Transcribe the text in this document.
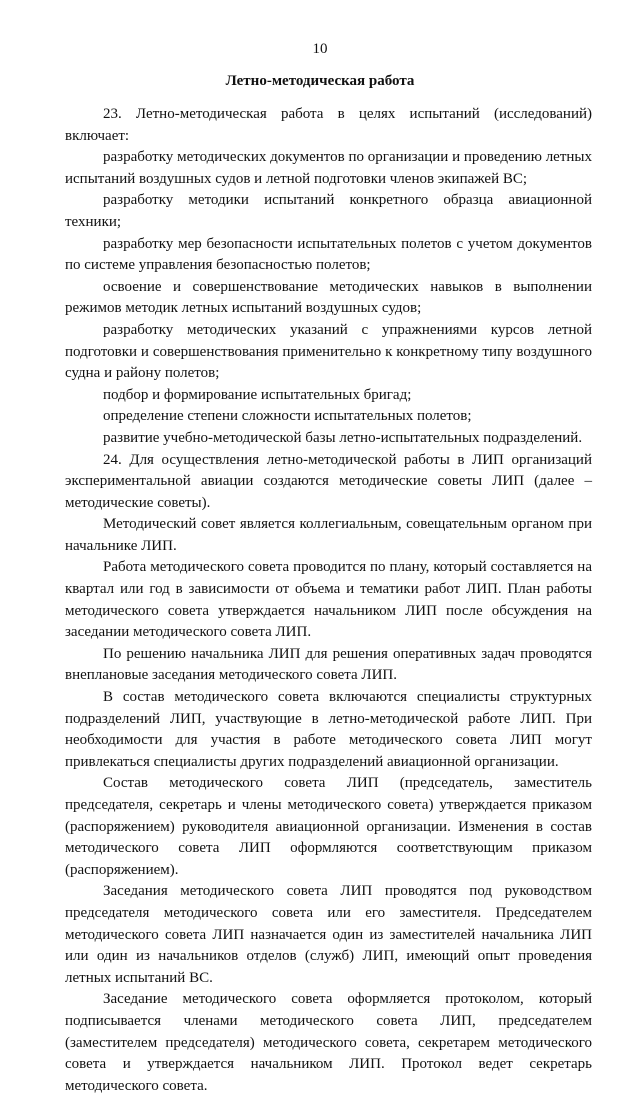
10
Летно-методическая работа

23. Летно-методическая работа в целях испытаний (исследований) включает:

разработку методических документов по организации и проведению летных испытаний воздушных судов и летной подготовки членов экипажей ВС;

разработку методики испытаний конкретного образца авиационной техники;

разработку мер безопасности испытательных полетов с учетом документов по системе управления безопасностью полетов;

освоение и совершенствование методических навыков в выполнении режимов методик летных испытаний воздушных судов;

разработку методических указаний с упражнениями курсов летной подготовки и совершенствования применительно к конкретному типу воздушного судна и району полетов;

подбор и формирование испытательных бригад;

определение степени сложности испытательных полетов;

развитие учебно-методической базы летно-испытательных подразделений.

24. Для осуществления летно-методической работы в ЛИП организаций экспериментальной авиации создаются методические советы ЛИП (далее – методические советы).

Методический совет является коллегиальным, совещательным органом при начальнике ЛИП.

Работа методического совета проводится по плану, который составляется на квартал или год в зависимости от объема и тематики работ ЛИП. План работы методического совета утверждается начальником ЛИП после обсуждения на заседании методического совета ЛИП.

По решению начальника ЛИП для решения оперативных задач проводятся внеплановые заседания методического совета ЛИП.

В состав методического совета включаются специалисты структурных подразделений ЛИП, участвующие в летно-методической работе ЛИП. При необходимости для участия в работе методического совета ЛИП могут привлекаться специалисты других подразделений авиационной организации.

Состав методического совета ЛИП (председатель, заместитель председателя, секретарь и члены методического совета) утверждается приказом (распоряжением) руководителя авиационной организации. Изменения в состав методического совета ЛИП оформляются соответствующим приказом (распоряжением).

Заседания методического совета ЛИП проводятся под руководством председателя методического совета или его заместителя. Председателем методического совета ЛИП назначается один из заместителей начальника ЛИП или один из начальников отделов (служб) ЛИП, имеющий опыт проведения летных испытаний ВС.

Заседание методического совета оформляется протоколом, который подписывается членами методического совета ЛИП, председателем (заместителем председателя) методического совета, секретарем методического совета и утверждается начальником ЛИП. Протокол ведет секретарь методического совета.
